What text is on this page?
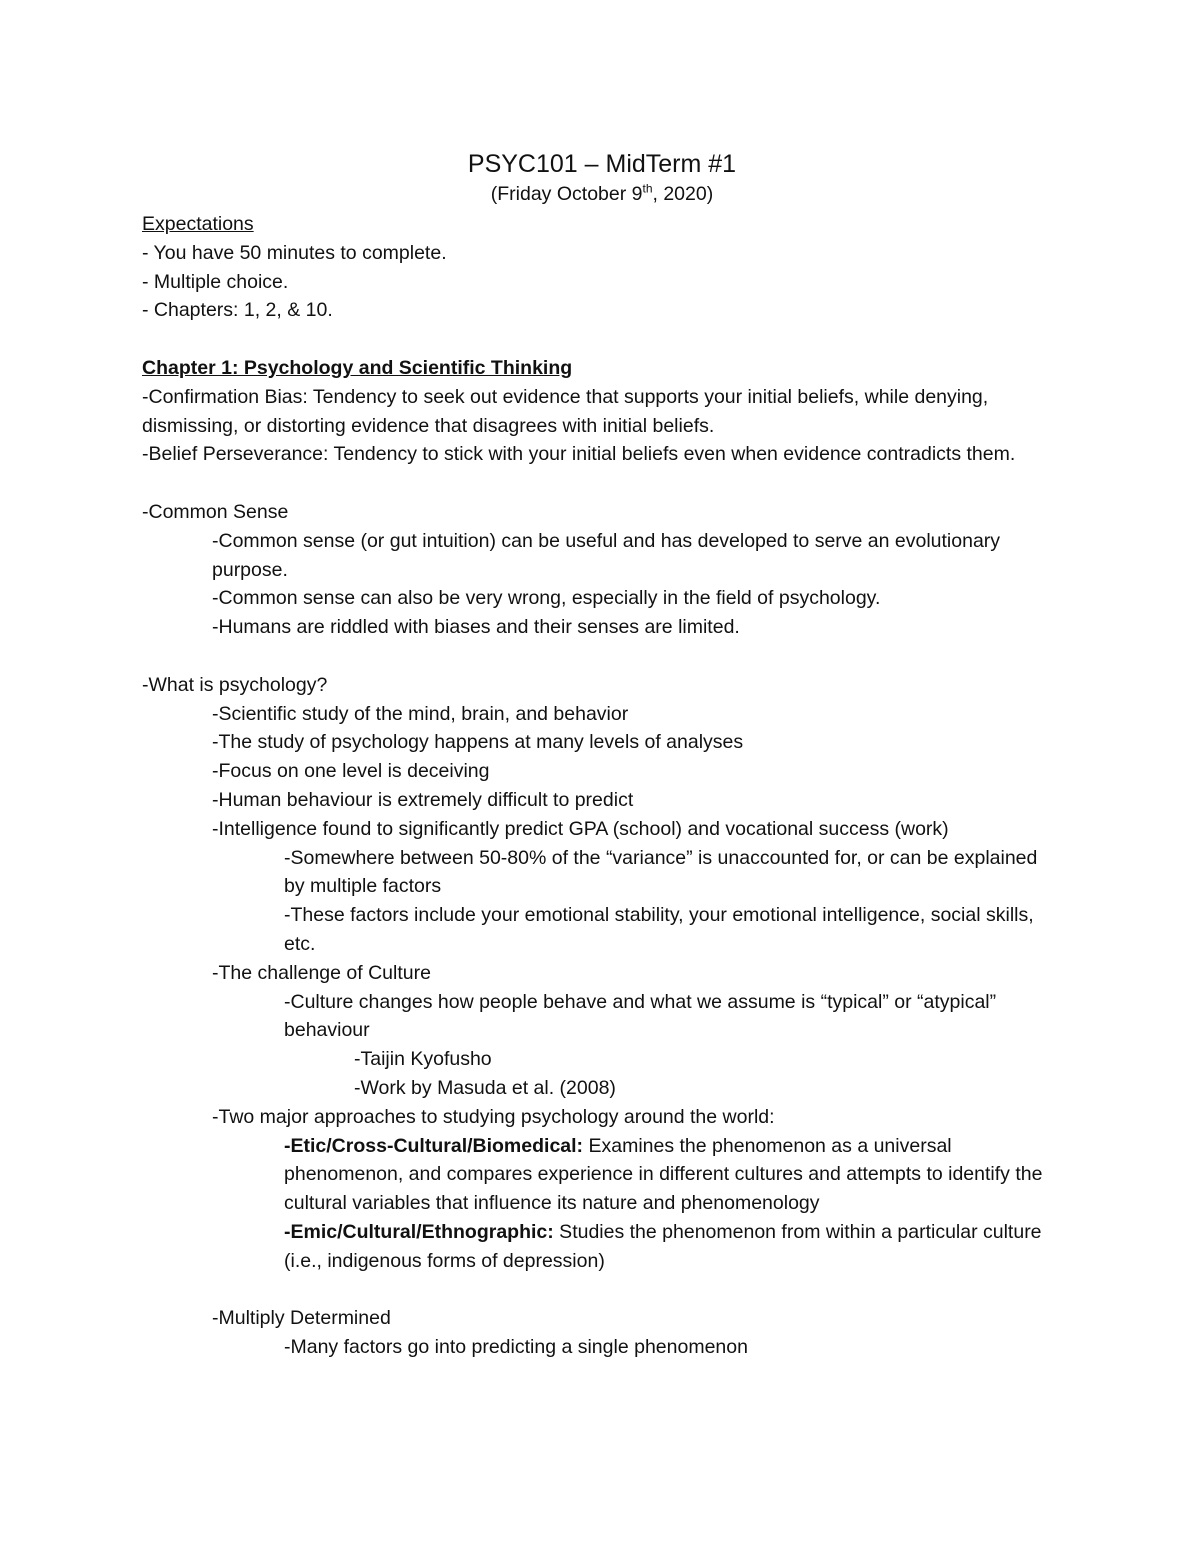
PSYC101 – MidTerm #1

(Friday October 9th, 2020)

Expectations

- You have 50 minutes to complete.

- Multiple choice.

- Chapters: 1, 2, & 10.

Chapter 1: Psychology and Scientific Thinking

-Confirmation Bias: Tendency to seek out evidence that supports your initial beliefs, while denying, dismissing, or distorting evidence that disagrees with initial beliefs.

-Belief Perseverance: Tendency to stick with your initial beliefs even when evidence contradicts them.

-Common Sense

-Common sense (or gut intuition) can be useful and has developed to serve an evolutionary purpose.

-Common sense can also be very wrong, especially in the field of psychology.

-Humans are riddled with biases and their senses are limited.

-What is psychology?

-Scientific study of the mind, brain, and behavior

-The study of psychology happens at many levels of analyses

-Focus on one level is deceiving

-Human behaviour is extremely difficult to predict

-Intelligence found to significantly predict GPA (school) and vocational success (work)

-Somewhere between 50-80% of the “variance” is unaccounted for, or can be explained by multiple factors

-These factors include your emotional stability, your emotional intelligence, social skills, etc.

-The challenge of Culture

-Culture changes how people behave and what we assume is “typical” or “atypical” behaviour

-Taijin Kyofusho

-Work by Masuda et al. (2008)

-Two major approaches to studying psychology around the world:

-Etic/Cross-Cultural/Biomedical: Examines the phenomenon as a universal phenomenon, and compares experience in different cultures and attempts to identify the cultural variables that influence its nature and phenomenology

-Emic/Cultural/Ethnographic: Studies the phenomenon from within a particular culture (i.e., indigenous forms of depression)

-Multiply Determined

-Many factors go into predicting a single phenomenon
